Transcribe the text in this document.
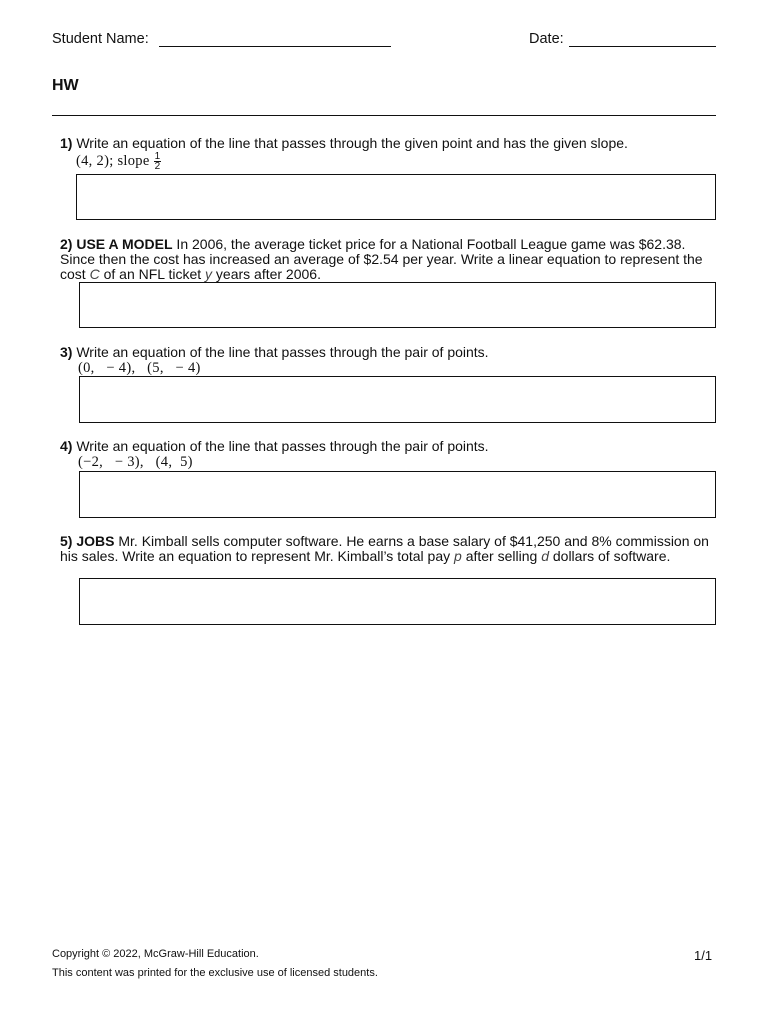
Student Name:	Date:
HW
1) Write an equation of the line that passes through the given point and has the given slope.
(4, 2); slope $\frac{1}{2}$
2) USE A MODEL In 2006, the average ticket price for a National Football League game was $62.38. Since then the cost has increased an average of $2.54 per year. Write a linear equation to represent the cost C of an NFL ticket y years after 2006.
3) Write an equation of the line that passes through the pair of points.
(0,   − 4),   (5,   − 4)
4) Write an equation of the line that passes through the pair of points.
(−2,   − 3),   (4,  5)
5) JOBS Mr. Kimball sells computer software. He earns a base salary of $41,250 and 8% commission on his sales. Write an equation to represent Mr. Kimball’s total pay p after selling d dollars of software.
Copyright © 2022, McGraw-Hill Education.	1/1
This content was printed for the exclusive use of licensed students.
